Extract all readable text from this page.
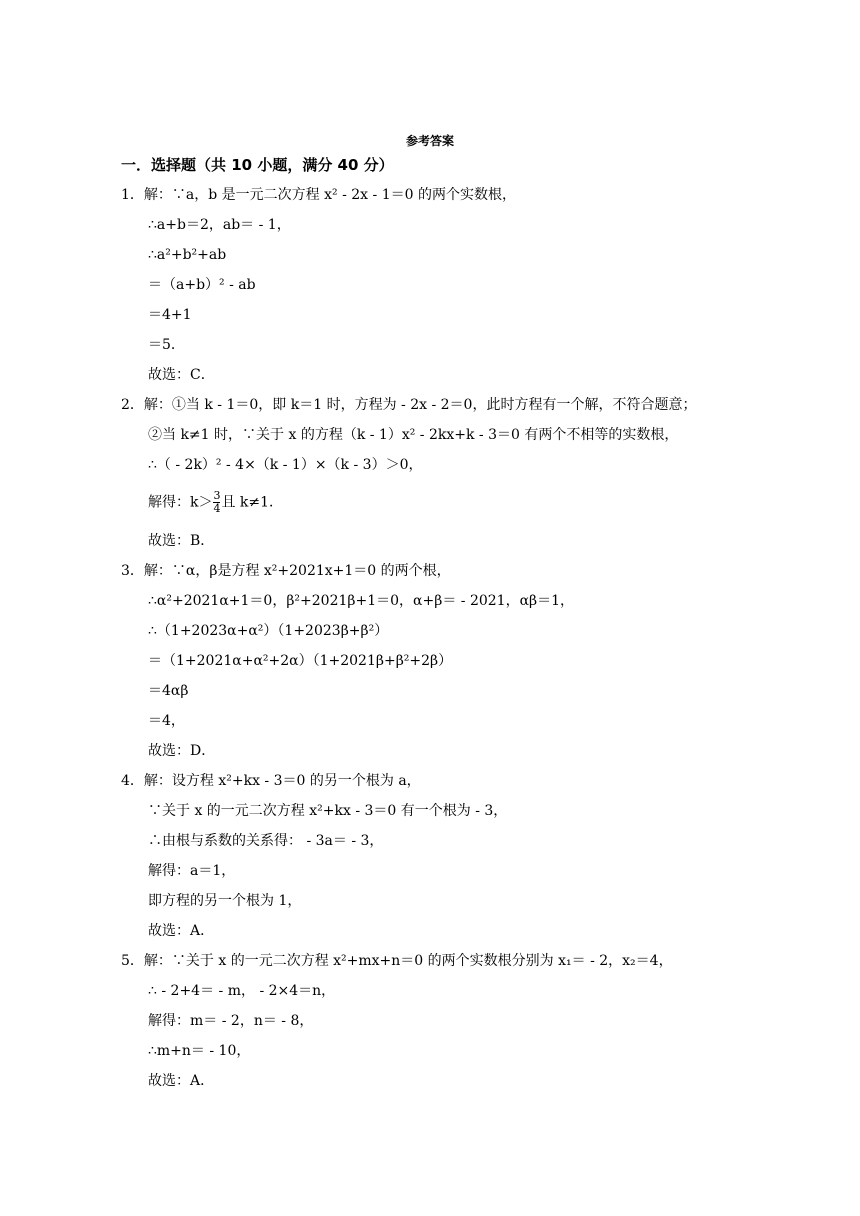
参考答案
一．选择题（共 10 小题，满分 40 分）
1．解：∵a，b 是一元二次方程 x² - 2x - 1＝0 的两个实数根，
∴a+b＝2，ab＝ - 1，
∴a²+b²+ab
＝（a+b）² - ab
＝4+1
＝5．
故选：C．
2．解：①当 k - 1＝0，即 k＝1 时，方程为 - 2x - 2＝0，此时方程有一个解，不符合题意；
②当 k≠1 时，∵关于 x 的方程（k - 1）x² - 2kx+k - 3＝0 有两个不相等的实数根，
∴（ - 2k）² - 4×（k - 1）×（k - 3）＞0，
解得：$k> \frac{3}{4}$ 且 k≠1．
故选：B．
3．解：∵α，β是方程 x²+2021x+1＝0 的两个根，
∴α²+2021α+1＝0，β²+2021β+1＝0，α+β＝ - 2021，αβ＝1，
∴（1+2023α+α²）（1+2023β+β²）
＝（1+2021α+α²+2α）（1+2021β+β²+2β）
＝4αβ
＝4，
故选：D．
4．解：设方程 x²+kx - 3＝0 的另一个根为 a，
∵关于 x 的一元二次方程 x²+kx - 3＝0 有一个根为 - 3，
∴由根与系数的关系得： - 3a＝ - 3，
解得：a＝1，
即方程的另一个根为 1，
故选：A．
5．解：∵关于 x 的一元二次方程 x²+mx+n＝0 的两个实数根分别为 x₁＝ - 2，x₂＝4，
∴ - 2+4＝ - m， - 2×4＝n，
解得：m＝ - 2，n＝ - 8，
∴m+n＝ - 10，
故选：A．
